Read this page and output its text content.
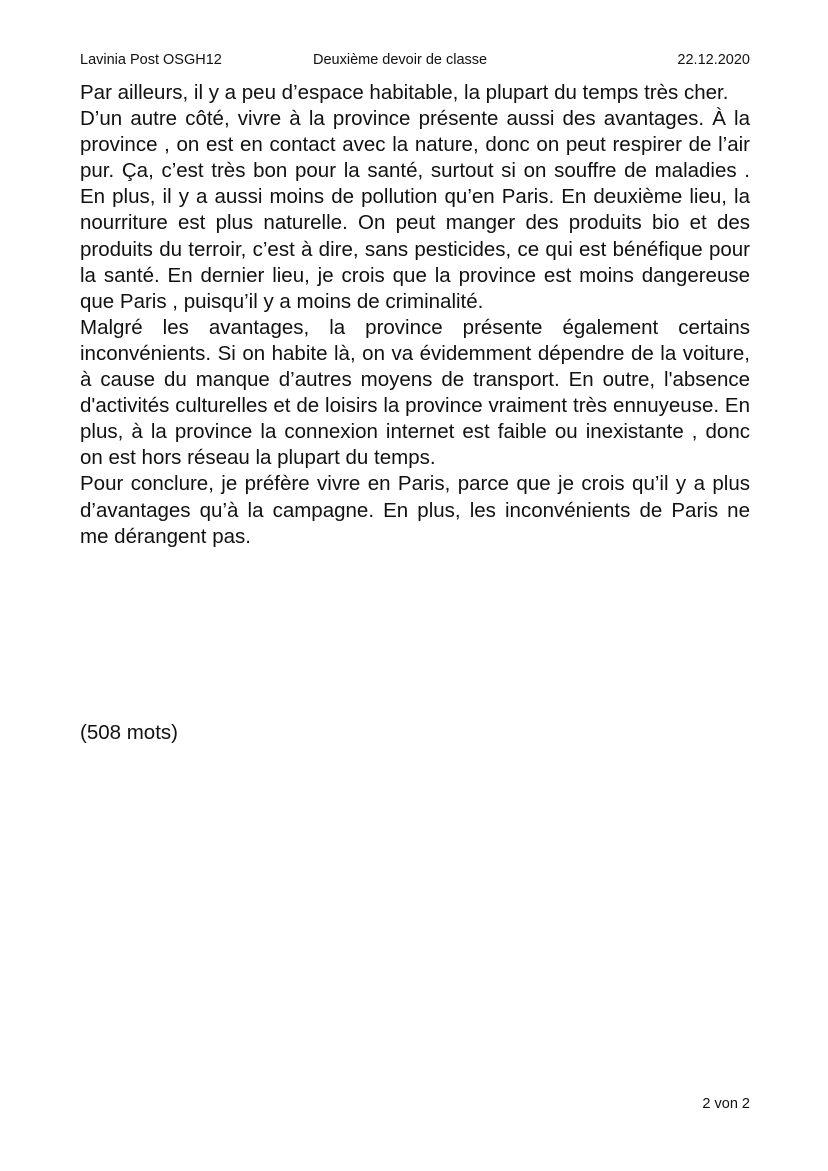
Lavinia Post OSGH12	Deuxième devoir de classe	22.12.2020

Par ailleurs, il y a peu d’espace habitable, la plupart du temps très cher.

D’un autre côté, vivre à la province présente aussi des avantages. À la province , on est en contact avec la nature, donc on peut respirer de l’air pur. Ça, c’est très bon pour la santé, surtout si on souffre de maladies . En plus, il y a aussi moins de pollution qu’en Paris. En deuxième lieu, la nourriture est plus naturelle. On peut manger des produits bio et des produits du terroir, c’est à dire, sans pesticides, ce qui est bénéfique pour la santé. En dernier lieu, je crois que la province est moins dangereuse que Paris , puisqu’il y a moins de criminalité.

Malgré les avantages, la province présente également certains inconvénients. Si on habite là, on va évidemment dépendre de la voiture, à cause du manque d’autres moyens de transport. En outre, l'absence d'activités culturelles et de loisirs la province vraiment très ennuyeuse. En plus, à la province la connexion internet est faible ou inexistante , donc on est hors réseau la plupart du temps.

Pour conclure, je préfère vivre en Paris, parce que je crois qu’il y a plus d’avantages qu’à la campagne. En plus, les inconvénients de Paris ne me dérangent pas.

(508 mots)
2 von 2
